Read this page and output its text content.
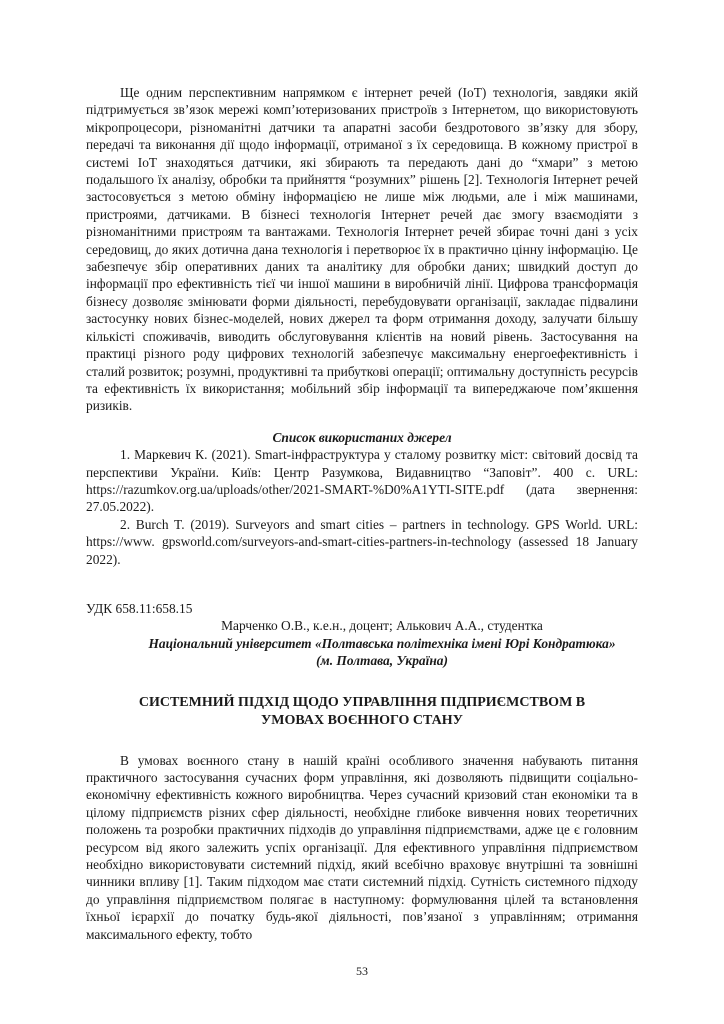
Ще одним перспективним напрямком є інтернет речей (IoT) технологія, завдяки якій підтримується зв’язок мережі комп’ютеризованих пристроїв з Інтернетом, що використовують мікропроцесори, різноманітні датчики та апаратні засоби бездротового зв’язку для збору, передачі та виконання дії щодо інформації, отриманої з їх середовища. В кожному пристрої в системі IoT знаходяться датчики, які збирають та передають дані до “хмари” з метою подальшого їх аналізу, обробки та прийняття “розумних” рішень [2]. Технологія Інтернет речей застосовується з метою обміну інформацією не лише між людьми, але і між машинами, пристроями, датчиками. В бізнесі технологія Інтернет речей дає змогу взаємодіяти з різноманітними пристроям та вантажами. Технологія Інтернет речей збирає точні дані з усіх середовищ, до яких дотична дана технологія і перетворює їх в практично цінну інформацію. Це забезпечує збір оперативних даних та аналітику для обробки даних; швидкий доступ до інформації про ефективність тієї чи іншої машини в виробничій лінії. Цифрова трансформація бізнесу дозволяє змінювати форми діяльності, перебудовувати організації, закладає підвалини застосунку нових бізнес-моделей, нових джерел та форм отримання доходу, залучати більшу кількісті споживачів, виводить обслуговування клієнтів на новий рівень. Застосування на практиці різного роду цифрових технологій забезпечує максимальну енергоефективність і сталий розвиток; розумні, продуктивні та прибуткові операції; оптимальну доступність ресурсів та ефективність їх використання; мобільний збір інформації та випереджаюче пом’якшення ризиків.

Список використаних джерел

1. Маркевич К. (2021). Smart-інфраструктура у сталому розвитку міст: світовий досвід та перспективи України. Київ: Центр Разумкова, Видавництво “Заповіт”. 400 с. URL: https://razumkov.org.ua/uploads/other/2021-SMART-%D0%A1YTI-SITE.pdf (дата звернення: 27.05.2022).

2. Burch T. (2019). Surveyors and smart cities – partners in technology. GPS World. URL: https://www. gpsworld.com/surveyors-and-smart-cities-partners-in-technology (assessed 18 January 2022).

УДК 658.11:658.15

Марченко О.В., к.е.н., доцент; Алькович А.А., студентка

Національний університет «Полтавська політехніка імені Юрі Кондратюка»

(м. Полтава, Україна)

СИСТЕМНИЙ ПІДХІД ЩОДО УПРАВЛІННЯ ПІДПРИЄМСТВОМ В
УМОВАХ ВОЄННОГО СТАНУ

В умовах воєнного стану в нашій країні особливого значення набувають питання практичного застосування сучасних форм управління, які дозволяють підвищити соціально-економічну ефективність кожного виробництва. Через сучасний кризовий стан економіки та в цілому підприємств різних сфер діяльності, необхідне глибоке вивчення нових теоретичних положень та розробки практичних підходів до управління підприємствами, адже це є головним ресурсом від якого залежить успіх організації. Для ефективного управління підприємством необхідно використовувати системний підхід, який всебічно враховує внутрішні та зовнішні чинники впливу [1]. Таким підходом має стати системний підхід. Сутність системного підходу до управління підприємством полягає в наступному: формулювання цілей та встановлення їхньої ієрархії до початку будь-якої діяльності, пов’язаної з управлінням; отримання максимального ефекту, тобто

53
